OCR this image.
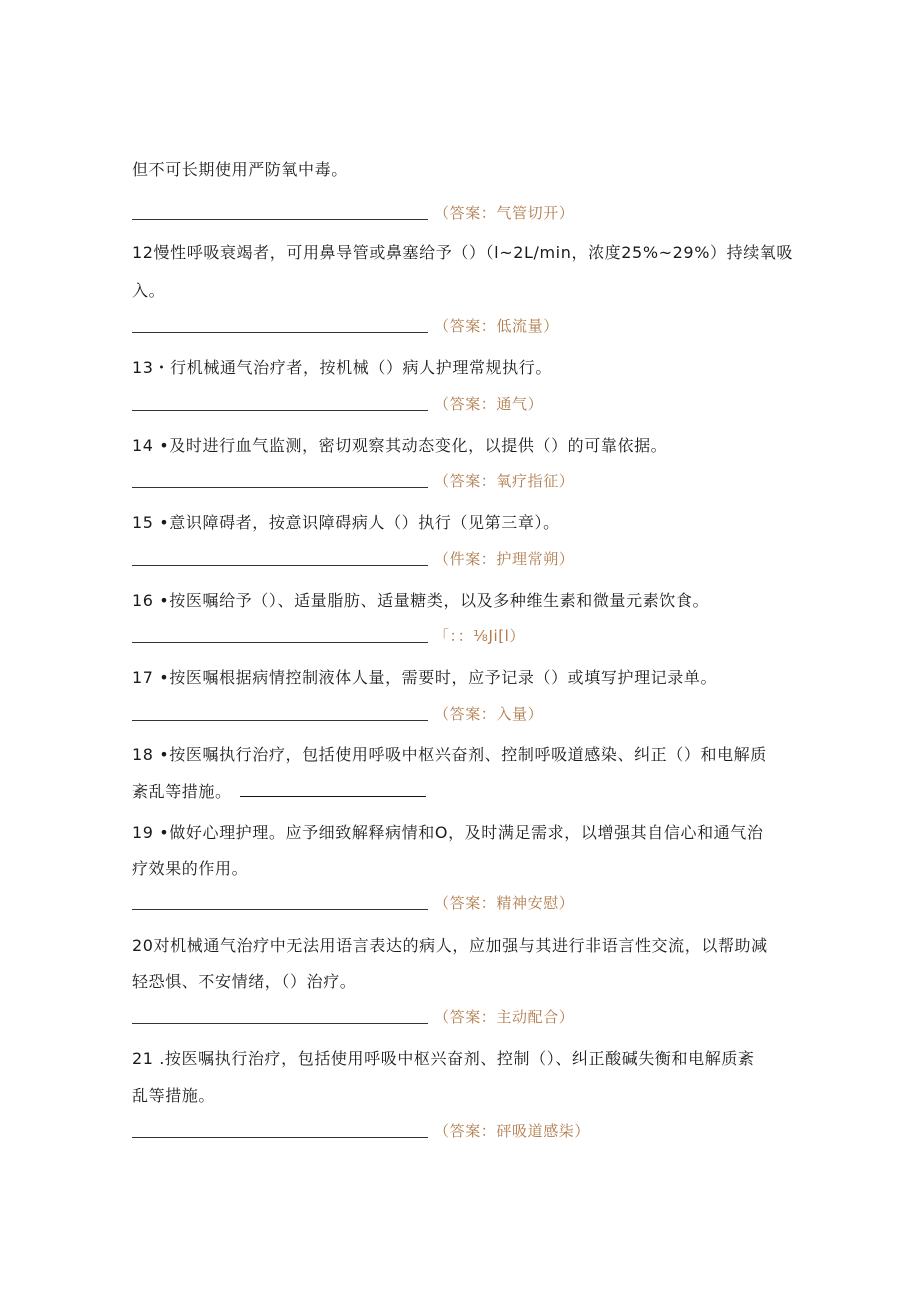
但不可长期使用严防氧中毒。
（答案：气管切开）
12慢性呼吸衰竭者，可用鼻导管或鼻塞给予（）（l~2L∕min，浓度25%~29%）持续氧吸
入。
（答案：低流量）
13・行机械通气治疗者，按机械（）病人护理常规执行。
（答案：通气）
14 •及时进行血气监测，密切观察其动态变化，以提供（）的可靠依据。
（答案：氧疗指征）
15 •意识障碍者，按意识障碍病人（）执行（见第三章）。
（件案：护理常朔）
16 •按医嘱给予（）、适量脂肪、适量糖类，以及多种维生素和微量元素饮食。
「：：⅛Ji[l）
17 •按医嘱根据病情控制液体人量，需要时，应予记录（）或填写护理记录单。
（答案：入量）
18 •按医嘱执行治疗，包括使用呼吸中枢兴奋剂、控制呼吸道感染、纠正（）和电解质
紊乱等措施。
19 •做好心理护理。应予细致解释病情和O，及时满足需求，以增强其自信心和通气治
疗效果的作用。
（答案：精神安慰）
20对机械通气治疗中无法用语言表达的病人，应加强与其进行非语言性交流，以帮助减
轻恐惧、不安情绪，（）治疗。
（答案：主动配合）
21 .按医嘱执行治疗，包括使用呼吸中枢兴奋剂、控制（）、纠正酸碱失衡和电解质紊
乱等措施。
（答案：砰吸道感柒）
